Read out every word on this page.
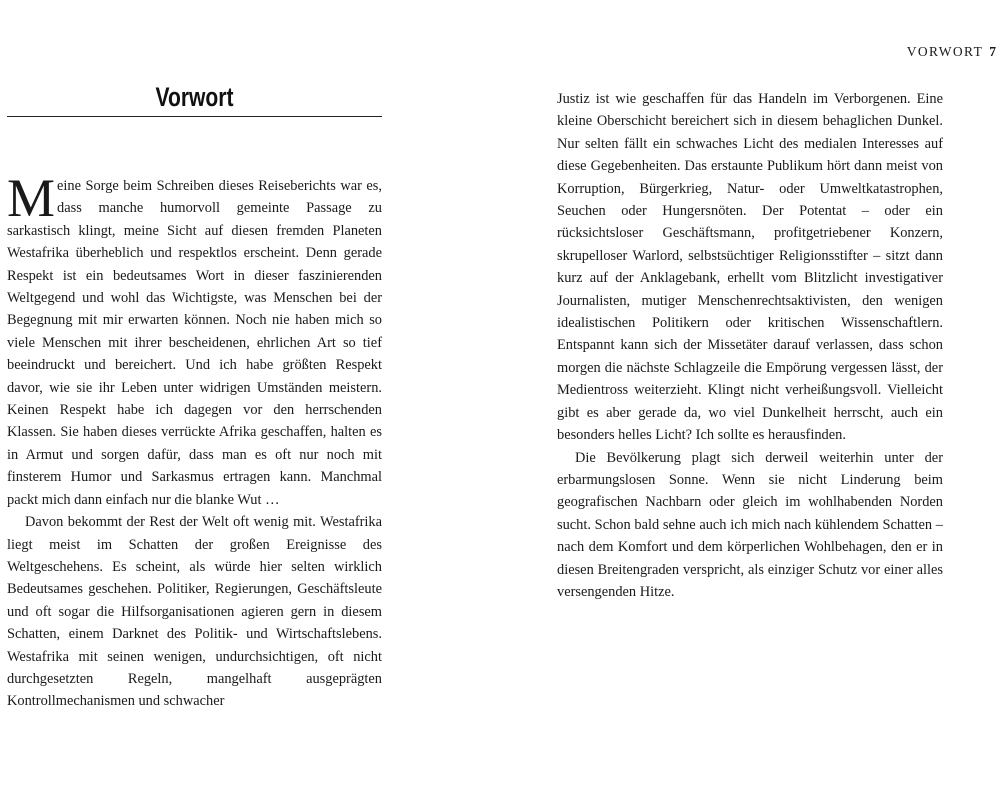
VORWORT 7
Vorwort

Meine Sorge beim Schreiben dieses Reiseberichts war es, dass manche humorvoll gemeinte Passage zu sarkastisch klingt, meine Sicht auf diesen fremden Planeten Westafrika überheblich und respektlos erscheint. Denn gerade Respekt ist ein bedeutsames Wort in dieser faszinierenden Weltgegend und wohl das Wichtigste, was Menschen bei der Begegnung mit mir erwarten können. Noch nie haben mich so viele Menschen mit ihrer bescheidenen, ehrlichen Art so tief beeindruckt und bereichert. Und ich habe größten Respekt davor, wie sie ihr Leben unter widrigen Umständen meistern. Keinen Respekt habe ich dagegen vor den herrschenden Klassen. Sie haben dieses verrückte Afrika geschaffen, halten es in Armut und sorgen dafür, dass man es oft nur noch mit finsterem Humor und Sarkasmus ertragen kann. Manchmal packt mich dann einfach nur die blanke Wut …

Davon bekommt der Rest der Welt oft wenig mit. Westafrika liegt meist im Schatten der großen Ereignisse des Weltgeschehens. Es scheint, als würde hier selten wirklich Bedeutsames geschehen. Politiker, Regierungen, Geschäftsleute und oft sogar die Hilfsorganisationen agieren gern in diesem Schatten, einem Darknet des Politik- und Wirtschaftslebens. Westafrika mit seinen wenigen, undurchsichtigen, oft nicht durchgesetzten Regeln, mangelhaft ausgeprägten Kontrollmechanismen und schwacher

Justiz ist wie geschaffen für das Handeln im Verborgenen. Eine kleine Oberschicht bereichert sich in diesem behaglichen Dunkel. Nur selten fällt ein schwaches Licht des medialen Interesses auf diese Gegebenheiten. Das erstaunte Publikum hört dann meist von Korruption, Bürgerkrieg, Natur- oder Umweltkatastrophen, Seuchen oder Hungersnöten. Der Potentat – oder ein rücksichtsloser Geschäftsmann, profitgetriebener Konzern, skrupelloser Warlord, selbstsüchtiger Religionsstifter – sitzt dann kurz auf der Anklagebank, erhellt vom Blitzlicht investigativer Journalisten, mutiger Menschenrechtsaktivisten, den wenigen idealistischen Politikern oder kritischen Wissenschaftlern. Entspannt kann sich der Missetäter darauf verlassen, dass schon morgen die nächste Schlagzeile die Empörung vergessen lässt, der Medientross weiterzieht. Klingt nicht verheißungsvoll. Vielleicht gibt es aber gerade da, wo viel Dunkelheit herrscht, auch ein besonders helles Licht? Ich sollte es herausfinden.

Die Bevölkerung plagt sich derweil weiterhin unter der erbarmungslosen Sonne. Wenn sie nicht Linderung beim geografischen Nachbarn oder gleich im wohlhabenden Norden sucht. Schon bald sehne auch ich mich nach kühlendem Schatten – nach dem Komfort und dem körperlichen Wohlbehagen, den er in diesen Breitengraden verspricht, als einziger Schutz vor einer alles versengenden Hitze.
